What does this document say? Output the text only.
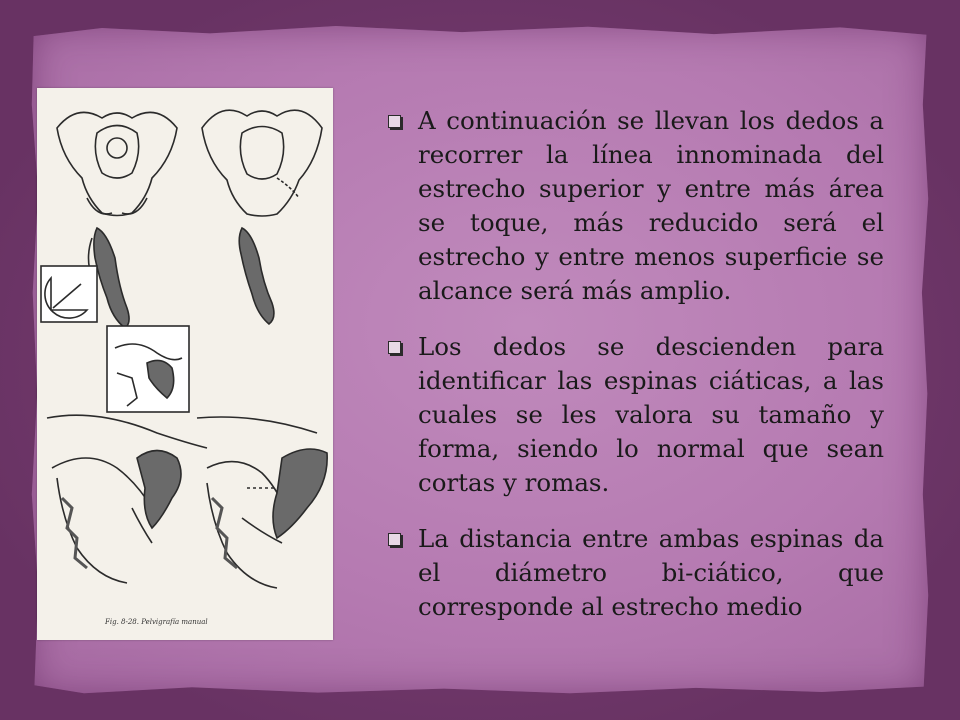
Fig. 8-28. Pelvigrafía manual
A continuación se llevan los dedos a recorrer la línea innominada del estrecho superior y entre más área se toque, más reducido será el estrecho y entre menos superficie se alcance será más amplio.
Los dedos se descienden para identificar las espinas ciáticas, a las cuales se les valora su tamaño y forma, siendo lo normal que sean cortas y romas.
La distancia entre ambas espinas da el diámetro bi-ciático, que corresponde al estrecho medio
